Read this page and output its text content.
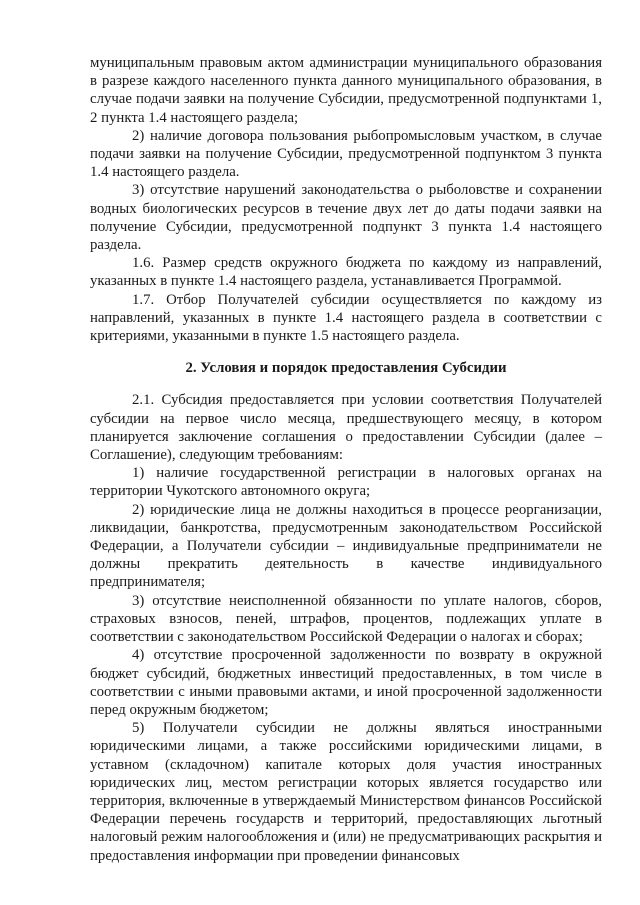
муниципальным правовым актом администрации муниципального образования в разрезе каждого населенного пункта данного муниципального образования, в случае подачи заявки на получение Субсидии, предусмотренной подпунктами 1, 2 пункта 1.4 настоящего раздела;

2) наличие договора пользования рыбопромысловым участком, в случае подачи заявки на получение Субсидии, предусмотренной подпунктом 3 пункта 1.4 настоящего раздела.

3) отсутствие нарушений законодательства о рыболовстве и сохранении водных биологических ресурсов в течение двух лет до даты подачи заявки на получение Субсидии, предусмотренной подпункт 3 пункта 1.4 настоящего раздела.

1.6. Размер средств окружного бюджета по каждому из направлений, указанных в пункте 1.4 настоящего раздела, устанавливается Программой.

1.7. Отбор Получателей субсидии осуществляется по каждому из направлений, указанных в пункте 1.4 настоящего раздела в соответствии с критериями, указанными в пункте 1.5 настоящего раздела.

2. Условия и порядок предоставления Субсидии

2.1. Субсидия предоставляется при условии соответствия Получателей субсидии на первое число месяца, предшествующего месяцу, в котором планируется заключение соглашения о предоставлении Субсидии (далее – Соглашение), следующим требованиям:

1) наличие государственной регистрации в налоговых органах на территории Чукотского автономного округа;

2) юридические лица не должны находиться в процессе реорганизации, ликвидации, банкротства, предусмотренным законодательством Российской Федерации, а Получатели субсидии – индивидуальные предприниматели не должны прекратить деятельность в качестве индивидуального предпринимателя;

3) отсутствие неисполненной обязанности по уплате налогов, сборов, страховых взносов, пеней, штрафов, процентов, подлежащих уплате в соответствии с законодательством Российской Федерации о налогах и сборах;

4) отсутствие просроченной задолженности по возврату в окружной бюджет субсидий, бюджетных инвестиций предоставленных, в том числе в соответствии с иными правовыми актами, и иной просроченной задолженности перед окружным бюджетом;

5) Получатели субсидии не должны являться иностранными юридическими лицами, а также российскими юридическими лицами, в уставном (складочном) капитале которых доля участия иностранных юридических лиц, местом регистрации которых является государство или территория, включенные в утверждаемый Министерством финансов Российской Федерации перечень государств и территорий, предоставляющих льготный налоговый режим налогообложения и (или) не предусматривающих раскрытия и предоставления информации при проведении финансовых
